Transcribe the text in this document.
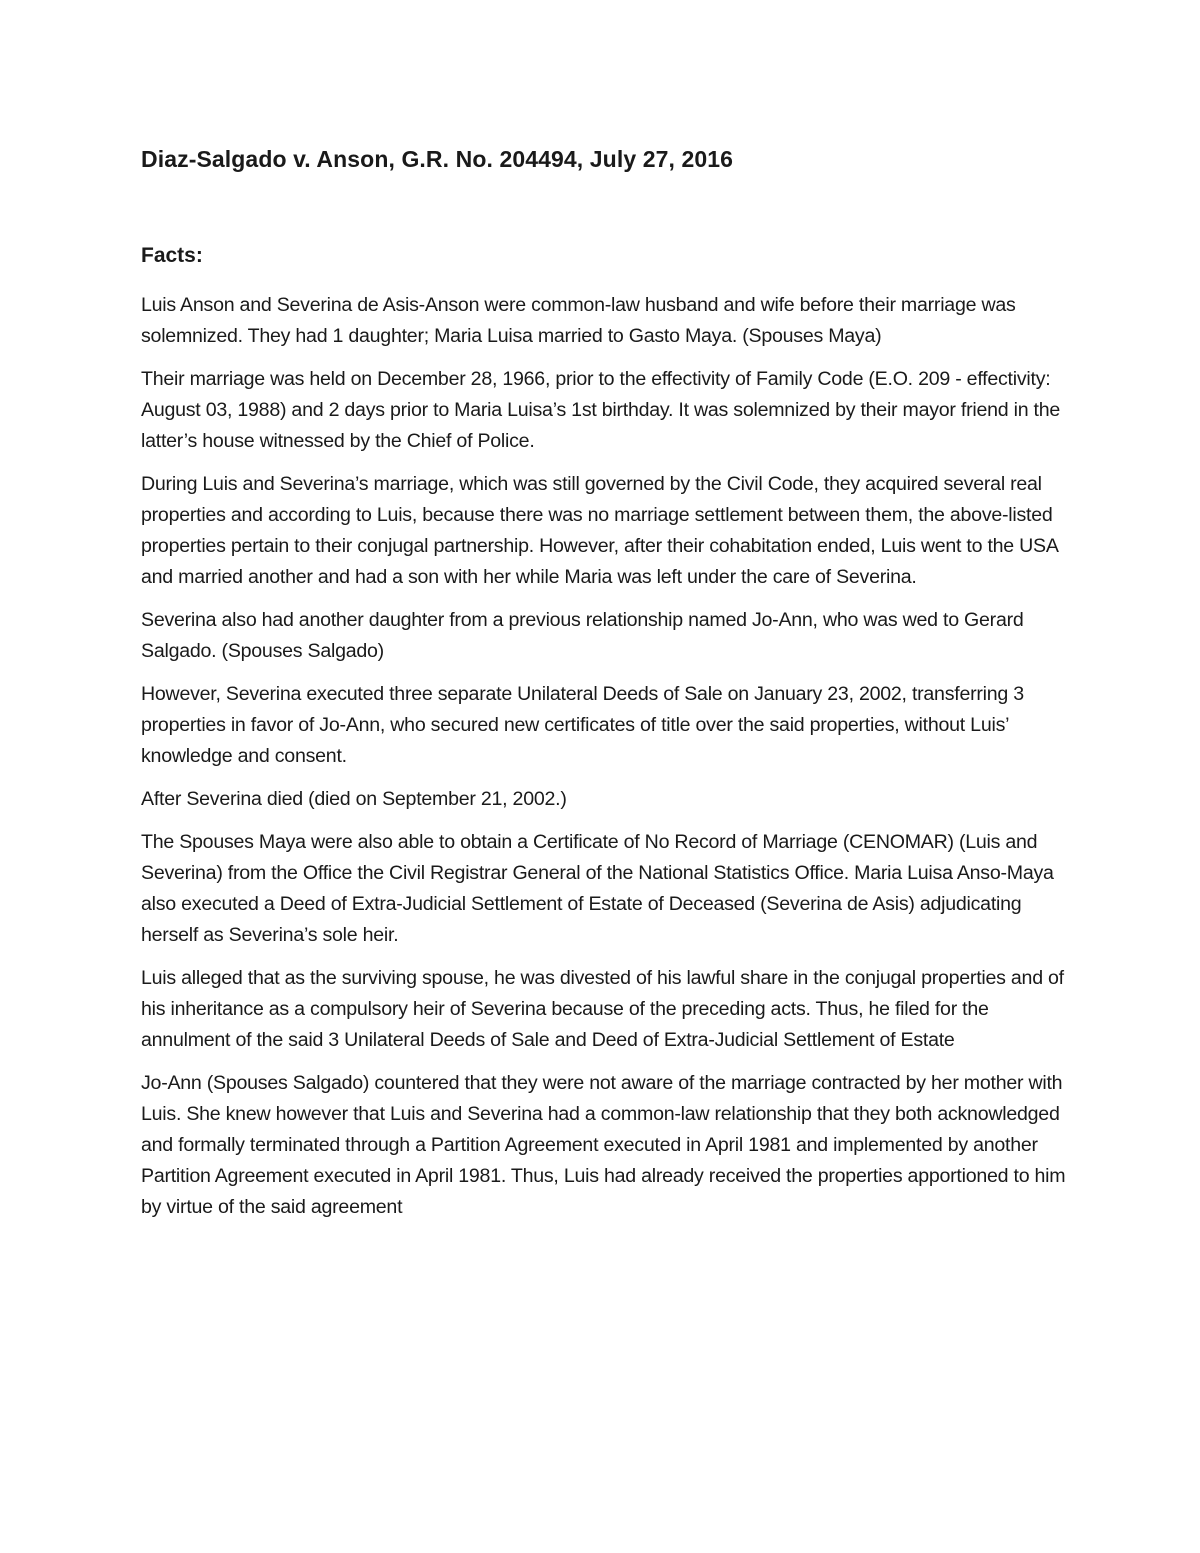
Diaz-Salgado v. Anson, G.R. No. 204494, July 27, 2016
Facts:

Luis Anson and Severina de Asis-Anson were common-law husband and wife before their marriage was solemnized. They had 1 daughter; Maria Luisa married to Gasto Maya. (Spouses Maya)

Their marriage was held on December 28, 1966, prior to the effectivity of Family Code (E.O. 209 - effectivity: August 03, 1988) and 2 days prior to Maria Luisa’s 1st birthday. It was solemnized by their mayor friend in the latter’s house witnessed by the Chief of Police.

During Luis and Severina’s marriage, which was still governed by the Civil Code, they acquired several real properties and according to Luis, because there was no marriage settlement between them, the above-listed properties pertain to their conjugal partnership. However, after their cohabitation ended, Luis went to the USA and married another and had a son with her while Maria was left under the care of Severina.

Severina also had another daughter from a previous relationship named Jo-Ann, who was wed to Gerard Salgado. (Spouses Salgado)

However, Severina executed three separate Unilateral Deeds of Sale on January 23, 2002, transferring 3 properties in favor of Jo-Ann, who secured new certificates of title over the said properties, without Luis’ knowledge and consent.

After Severina died (died on September 21, 2002.)

The Spouses Maya were also able to obtain a Certificate of No Record of Marriage (CENOMAR) (Luis and Severina) from the Office the Civil Registrar General of the National Statistics Office. Maria Luisa Anso-Maya also executed a Deed of Extra-Judicial Settlement of Estate of Deceased (Severina de Asis) adjudicating herself as Severina’s sole heir.

Luis alleged that as the surviving spouse, he was divested of his lawful share in the conjugal properties and of his inheritance as a compulsory heir of Severina because of the preceding acts. Thus, he filed for the annulment of the said 3 Unilateral Deeds of Sale and Deed of Extra-Judicial Settlement of Estate

Jo-Ann (Spouses Salgado) countered that they were not aware of the marriage contracted by her mother with Luis. She knew however that Luis and Severina had a common-law relationship that they both acknowledged and formally terminated through a Partition Agreement executed in April 1981 and implemented by another Partition Agreement executed in April 1981. Thus, Luis had already received the properties apportioned to him by virtue of the said agreement
